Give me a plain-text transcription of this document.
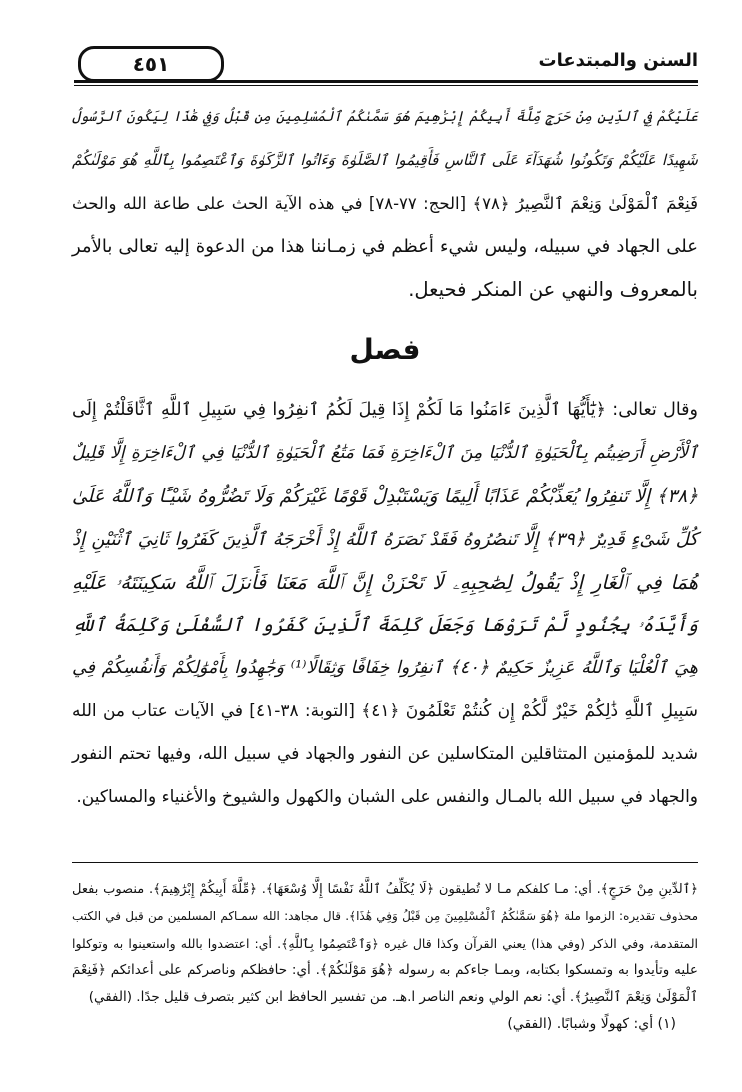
السنن والمبتدعات
٤٥١
عَلَيْكُمْ فِي ٱلدِّينِ مِنْ حَرَجٍ مِّلَّةَ أَبِيكُمْ إِبْرَٰهِيمَ هُوَ سَمَّىٰكُمُ ٱلْمُسْلِمِينَ مِن قَبْلُ وَفِي هَٰذَا لِيَكُونَ ٱلرَّسُولُ
شَهِيدًا عَلَيْكُمْ وَتَكُونُوا شُهَدَآءَ عَلَى ٱلنَّاسِ فَأَقِيمُوا ٱلصَّلَوٰةَ وَءَاتُوا ٱلزَّكَوٰةَ وَٱعْتَصِمُوا بِٱللَّهِ هُوَ مَوْلَىٰكُمْ
فَنِعْمَ ٱلْمَوْلَىٰ وَنِعْمَ ٱلنَّصِيرُ ﴿٧٨﴾ [الحج: ٧٧-٧٨] في هذه الآية الحث على طاعة الله والحث
على الجهاد في سبيله، وليس شيء أعظم في زمـاننا هذا من الدعوة إليه تعالى بالأمر
بالمعروف والنهي عن المنكر فحيعل.
فصل
وقال تعالى: ﴿يَٰٓأَيُّهَا ٱلَّذِينَ ءَامَنُوا مَا لَكُمْ إِذَا قِيلَ لَكُمُ ٱنفِرُوا فِي سَبِيلِ ٱللَّهِ ٱثَّاقَلْتُمْ إِلَى
ٱلْأَرْضِ أَرَضِيتُم بِٱلْحَيَوٰةِ ٱلدُّنْيَا مِنَ ٱلْءَاخِرَةِ فَمَا مَتَٰعُ ٱلْحَيَوٰةِ ٱلدُّنْيَا فِي ٱلْءَاخِرَةِ إِلَّا قَلِيلٌ
﴿٣٨﴾ إِلَّا تَنفِرُوا يُعَذِّبْكُمْ عَذَابًا أَلِيمًا وَيَسْتَبْدِلْ قَوْمًا غَيْرَكُمْ وَلَا تَضُرُّوهُ شَيْـًٔا وَٱللَّهُ عَلَىٰ
كُلِّ شَىْءٍ قَدِيرٌ ﴿٣٩﴾ إِلَّا تَنصُرُوهُ فَقَدْ نَصَرَهُ ٱللَّهُ إِذْ أَخْرَجَهُ ٱلَّذِينَ كَفَرُوا ثَانِيَ ٱثْنَيْنِ إِذْ
هُمَا فِي ٱلْغَارِ إِذْ يَقُولُ لِصَٰحِبِهِۦ لَا تَحْزَنْ إِنَّ ٱللَّهَ مَعَنَا فَأَنزَلَ ٱللَّهُ سَكِينَتَهُۥ عَلَيْهِ
وَأَيَّدَهُۥ بِجُنُودٍ لَّمْ تَرَوْهَا وَجَعَلَ كَلِمَةَ ٱلَّذِينَ كَفَرُوا ٱلسُّفْلَىٰ وَكَلِمَةُ ٱللَّهِ
هِيَ ٱلْعُلْيَا وَٱللَّهُ عَزِيزٌ حَكِيمٌ ﴿٤٠﴾ ٱنفِرُوا خِفَافًا وَثِقَالًا⁽¹⁾ وَجَٰهِدُوا بِأَمْوَٰلِكُمْ وَأَنفُسِكُمْ فِي
سَبِيلِ ٱللَّهِ ذَٰلِكُمْ خَيْرٌ لَّكُمْ إِن كُنتُمْ تَعْلَمُونَ ﴿٤١﴾ [التوبة: ٣٨-٤١] في الآيات عتاب من الله
شديد للمؤمنين المتثاقلين المتكاسلين عن النفور والجهاد في سبيل الله، وفيها تحتم النفور
والجهاد في سبيل الله بالمـال والنفس على الشبان والكهول والشيوخ والأغنياء والمساكين.
﴿ٱلدِّينِ مِنْ حَرَجٍ﴾. أي: مـا كلفكم مـا لا تُطيقون ﴿لَا يُكَلِّفُ ٱللَّهُ نَفْسًا إِلَّا وُسْعَهَا﴾. ﴿مِّلَّةَ أَبِيكُمْ إِبْرَٰهِيمَ﴾. منصوب بفعل
محذوف تقديره: الزموا ملة ﴿هُوَ سَمَّىٰكُمُ ٱلْمُسْلِمِينَ مِن قَبْلُ وَفِي هَٰذَا﴾. قال مجاهد: الله سمـاكم المسلمين من قبل في الكتب
المتقدمة، وفي الذكر (وفي هذا) يعني القرآن وكذا قال غيره ﴿وَٱعْتَصِمُوا بِٱللَّهِ﴾. أي: اعتضدوا بالله واستعينوا به وتوكلوا
عليه وتأيدوا به وتمسكوا بكتابه، وبمـا جاءكم به رسوله ﴿هُوَ مَوْلَىٰكُمْ﴾. أي: حافظكم وناصركم على أعدائكم ﴿فَنِعْمَ
ٱلْمَوْلَىٰ وَنِعْمَ ٱلنَّصِيرُ﴾. أي: نعم الولي ونعم الناصر ا.هـ. من تفسير الحافظ ابن كثير بتصرف قليل جدًا. (الفقي)
(١) أي: كهولًا وشبابًا. (الفقي)
